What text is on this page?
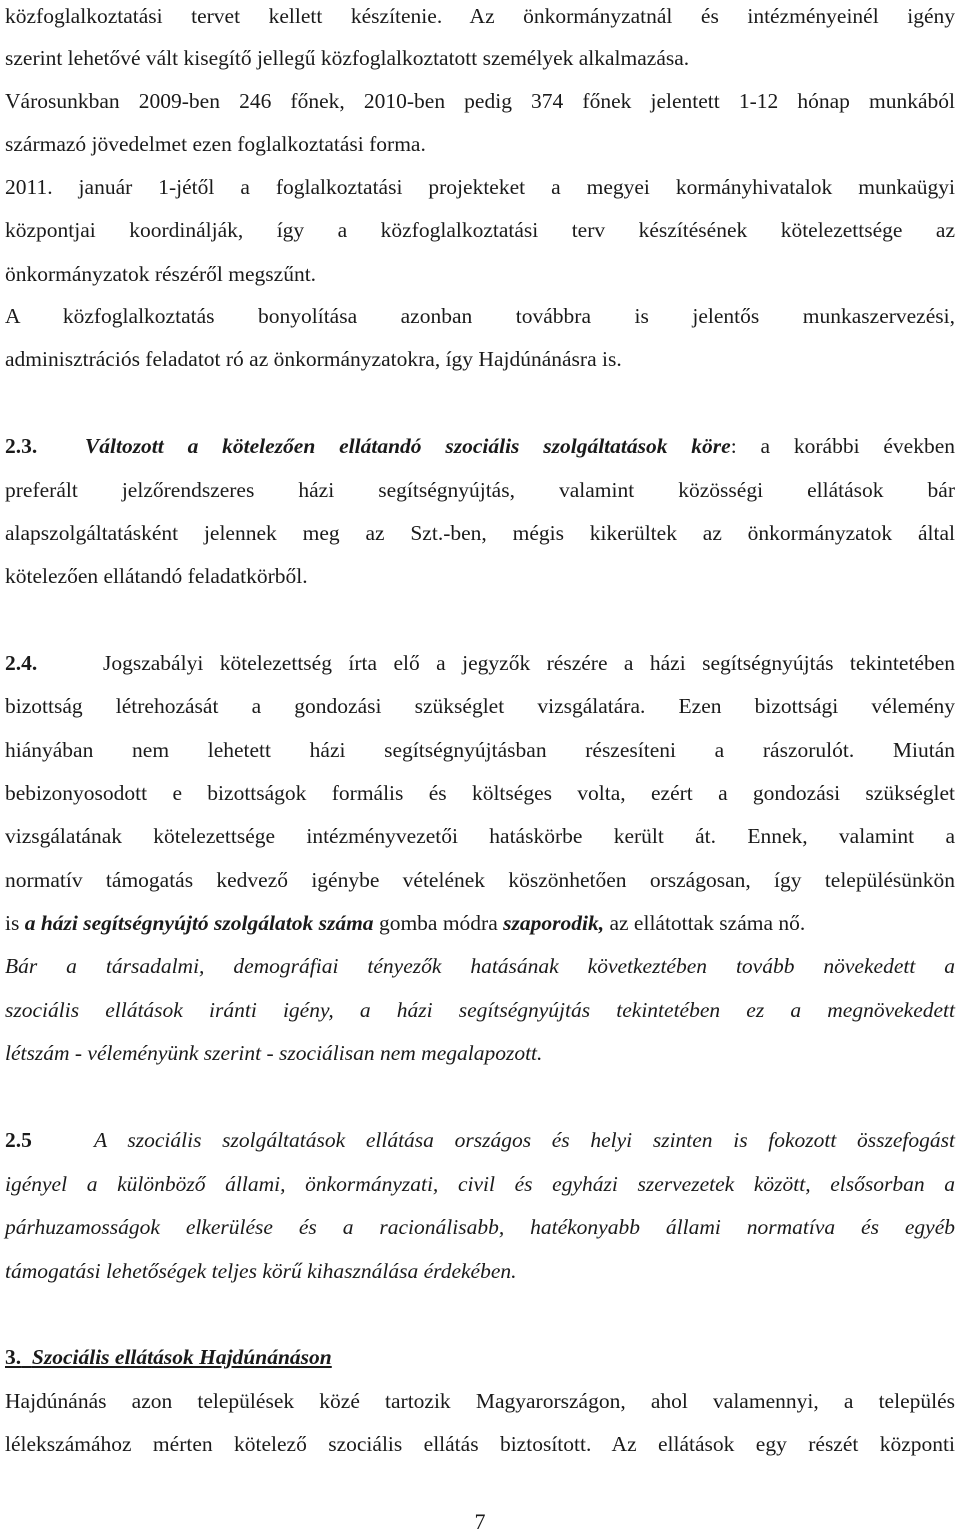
közfoglalkoztatási tervet kellett készítenie. Az önkormányzatnál és intézményeinél igény
szerint lehetővé vált kisegítő jellegű közfoglalkoztatott személyek alkalmazása.
Városunkban 2009-ben 246 főnek, 2010-ben pedig 374 főnek jelentett 1-12 hónap munkából
származó jövedelmet ezen foglalkoztatási forma.
2011. január 1-jétől a foglalkoztatási projekteket a megyei kormányhivatalok munkaügyi
központjai koordinálják, így a közfoglalkoztatási terv készítésének kötelezettsége az
önkormányzatok részéről megszűnt.
A közfoglalkoztatás bonyolítása azonban továbbra is jelentős munkaszervezési,
adminisztrációs feladatot ró az önkormányzatokra, így Hajdúnánásra is.
2.3. Változott a kötelezően ellátandó szociális szolgáltatások köre: a korábbi években
preferált jelzőrendszeres házi segítségnyújtás, valamint közösségi ellátások bár
alapszolgáltatásként jelennek meg az Szt.-ben, mégis kikerültek az önkormányzatok által
kötelezően ellátandó feladatkörből.
2.4.	Jogszabályi kötelezettség írta elő a jegyzők részére a házi segítségnyújtás tekintetében
bizottság létrehozását a gondozási szükséglet vizsgálatára. Ezen bizottsági vélemény
hiányában nem lehetett házi segítségnyújtásban részesíteni a rászorulót. Miután
bebizonyosodott e bizottságok formális és költséges volta, ezért a gondozási szükséglet
vizsgálatának kötelezettsége intézményvezetői hatáskörbe került át. Ennek, valamint a
normatív támogatás kedvező igénybe vételének köszönhetően országosan, így településünkön
is a házi segítségnyújtó szolgálatok száma gomba módra szaporodik, az ellátottak száma nő.
Bár a társadalmi, demográfiai tényezők hatásának következtében tovább növekedett a
szociális ellátások iránti igény, a házi segítségnyújtás tekintetében ez a megnövekedett
létszám - véleményünk szerint - szociálisan nem megalapozott.
2.5	A szociális szolgáltatások ellátása országos és helyi szinten is fokozott összefogást
igényel a különböző állami, önkormányzati, civil és egyházi szervezetek között, elsősorban a
párhuzamosságok elkerülése és a racionálisabb, hatékonyabb állami normatíva és egyéb
támogatási lehetőségek teljes körű kihasználása érdekében.
3. Szociális ellátások Hajdúnánáson
Hajdúnánás azon települések közé tartozik Magyarországon, ahol valamennyi, a település
lélekszámához mérten kötelező szociális ellátás biztosított. Az ellátások egy részét központi
7
